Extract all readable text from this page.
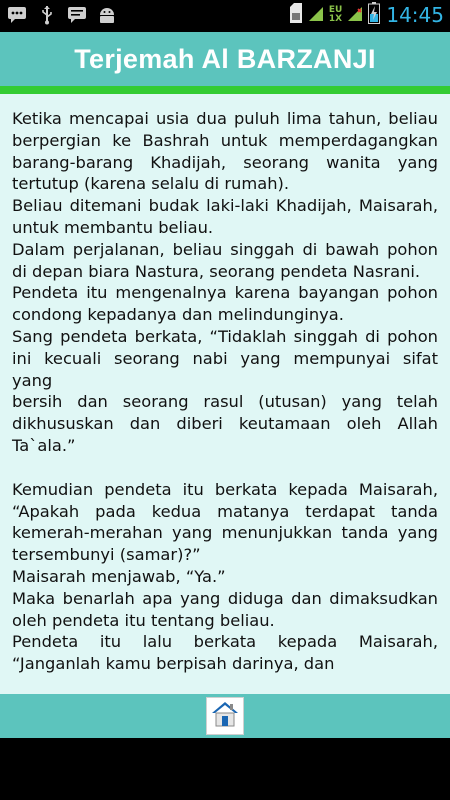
EU
1X 14:45
Terjemah Al BARZANJI

Ketika mencapai usia dua puluh lima tahun, beliau berpergian ke Bashrah untuk memperdagangkan barang-barang Khadijah, seorang wanita yang tertutup (karena selalu di rumah).

Beliau ditemani budak laki-laki Khadijah, Maisarah, untuk membantu beliau.

Dalam perjalanan, beliau singgah di bawah pohon di depan biara Nastura, seorang pendeta Nasrani.

Pendeta itu mengenalnya karena bayangan pohon condong kepadanya dan melindunginya.

Sang pendeta berkata, “Tidaklah singgah di pohon ini kecuali seorang nabi yang mempunyai sifat yang

bersih dan seorang rasul (utusan) yang telah dikhususkan dan diberi keutamaan oleh Allah Ta`ala.”

Kemudian pendeta itu berkata kepada Maisarah, “Apakah pada kedua matanya terdapat tanda kemerah-merahan yang menunjukkan tanda yang tersembunyi (samar)?”

Maisarah menjawab, “Ya.”

Maka benarlah apa yang diduga dan dimaksudkan oleh pendeta itu tentang beliau.

Pendeta itu lalu berkata kepada Maisarah, “Janganlah kamu berpisah darinya, dan
